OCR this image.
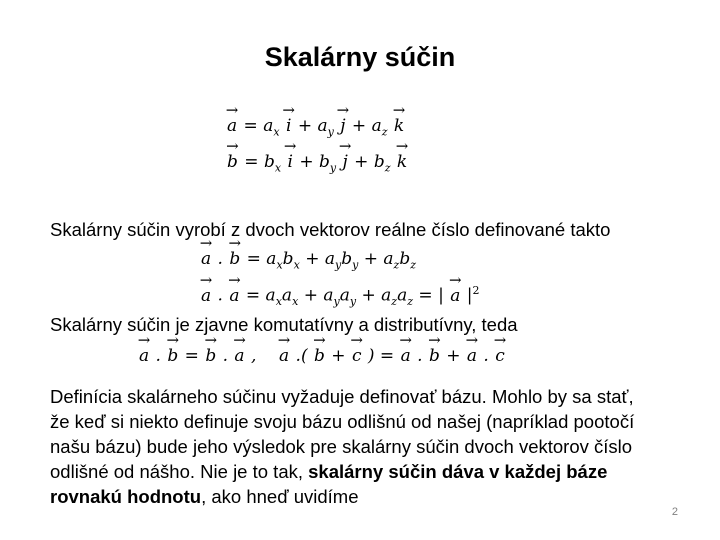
Skalárny súčin
→ $a = a_x \to i + a_y \to j + a_z \to k$
→ $b = b_x \to i + b_y \to j + b_z \to k$
Skalárny súčin vyrobí z dvoch vektorov reálne číslo definované takto
→ a . → $b = a_xb_x + a_yb_y + a_zb_z$
→ a . → $a = a_xa_x + a_ya_y + a_za_z$ = | → a $|^2$
Skalárny súčin je zjavne komutatívny a distributívny, teda
→ a . → b = → b . → a ,    → a .( → b + → c ) = → a . → b + → a . → c
Definícia skalárneho súčinu vyžaduje definovať bázu. Mohlo by sa stať, že keď si niekto definuje svoju bázu odlišnú od našej (napríklad pootočí našu bázu) bude jeho výsledok pre skalárny súčin dvoch vektorov číslo odlišné od nášho. Nie je to tak, skalárny súčin dáva v každej báze rovnakú hodnotu, ako hneď uvidíme
2
